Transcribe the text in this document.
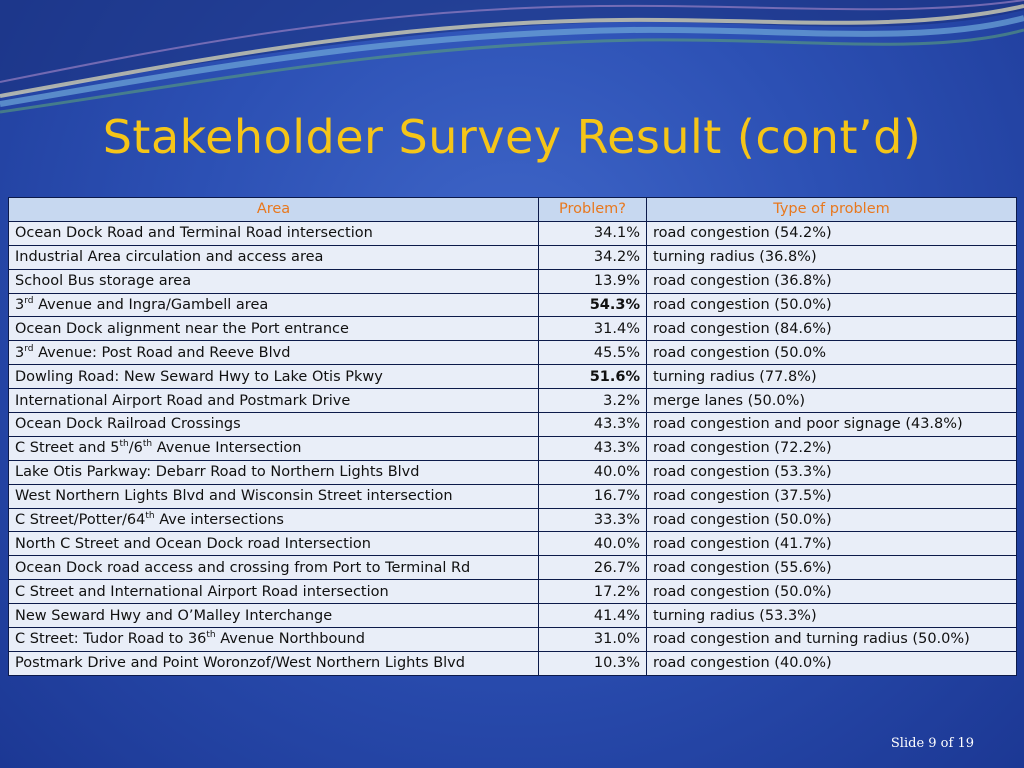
Stakeholder Survey Result (cont’d)
Area	Problem?	Type of problem
Ocean Dock Road and Terminal Road intersection	34.1%	road congestion (54.2%)
Industrial Area circulation and access area	34.2%	turning radius (36.8%)
School Bus storage area	13.9%	road congestion (36.8%)
3rd Avenue and Ingra/Gambell area	54.3%	road congestion (50.0%)
Ocean Dock alignment near the Port entrance	31.4%	road congestion (84.6%)
3rd Avenue: Post Road and Reeve Blvd	45.5%	road congestion (50.0%
Dowling Road: New Seward Hwy to Lake Otis Pkwy	51.6%	turning radius (77.8%)
International Airport Road and Postmark Drive	3.2%	merge lanes (50.0%)
Ocean Dock Railroad Crossings	43.3%	road congestion and poor signage (43.8%)
C Street and 5th/6th Avenue Intersection	43.3%	road congestion (72.2%)
Lake Otis Parkway: Debarr Road to Northern Lights Blvd	40.0%	road congestion (53.3%)
West Northern Lights Blvd and Wisconsin Street intersection	16.7%	road congestion (37.5%)
C Street/Potter/64th Ave intersections	33.3%	road congestion (50.0%)
North C Street and Ocean Dock road Intersection	40.0%	road congestion (41.7%)
Ocean Dock road access and crossing from Port to Terminal Rd	26.7%	road congestion (55.6%)
C Street and International Airport Road intersection	17.2%	road congestion (50.0%)
New Seward Hwy and O’Malley Interchange	41.4%	turning radius (53.3%)
C Street: Tudor Road to 36th Avenue Northbound	31.0%	road congestion and turning radius (50.0%)
Postmark Drive and Point Woronzof/West Northern Lights Blvd	10.3%	road congestion (40.0%)
Slide 9 of 19
